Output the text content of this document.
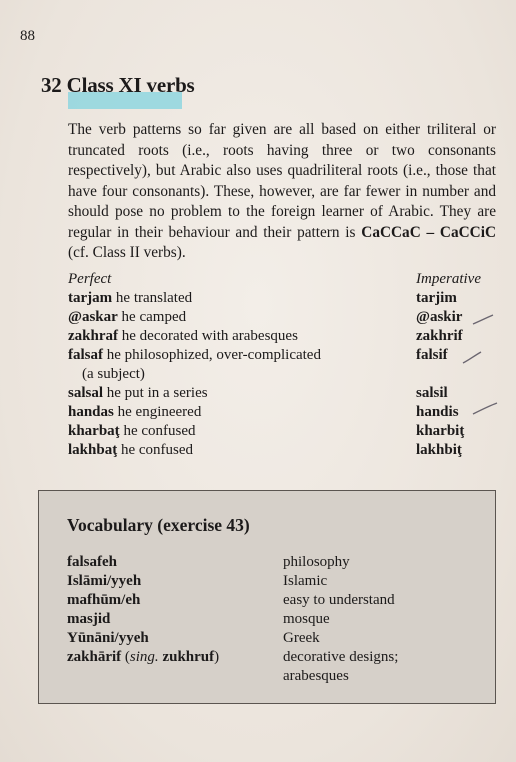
88
32 Class XI verbs
The verb patterns so far given are all based on either triliteral or truncated roots (i.e., roots having three or two consonants respectively), but Arabic also uses quadriliteral roots (i.e., those that have four consonants). These, however, are far fewer in number and should pose no problem to the foreign learner of Arabic. They are regular in their behaviour and their pattern is CaCCaC – CaCCiC (cf. Class II verbs).
Perfect	Imperative
tarjam he translated	tarjim
@askar he camped	@askir
zakhraf he decorated with arabesques	zakhrif
falsaf he philosophized, over-complicated	falsif
(a subject)
salsal he put in a series	salsil
handas he engineered	handis
kharbaţ he confused	kharbiţ
lakhbaţ he confused	lakhbiţ
Vocabulary (exercise 43)
falsafeh	philosophy
Islāmi/yyeh	Islamic
mafhūm/eh	easy to understand
masjid	mosque
Yūnāni/yyeh	Greek
zakhārif (sing. zukhruf)	decorative designs;
arabesques
